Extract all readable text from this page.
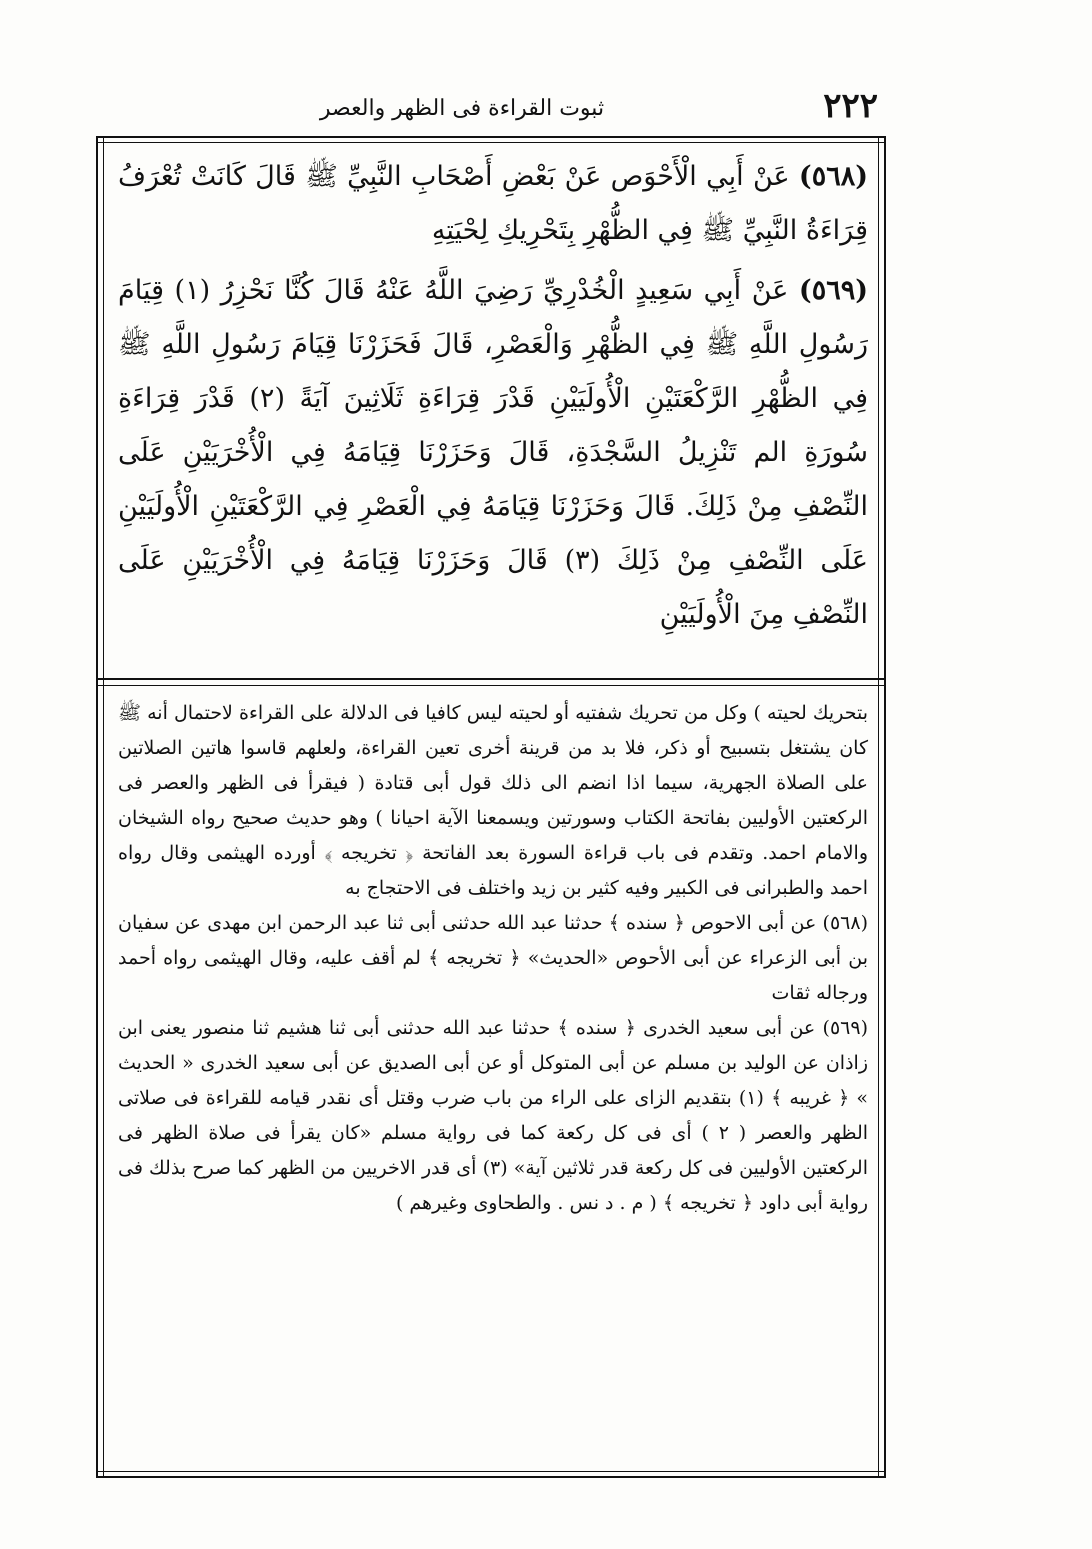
ثبوت القراءة فى الظهر والعصر	٢٢٢

(٥٦٨) عَنْ أَبِي الْأَحْوَص عَنْ بَعْضِ أَصْحَابِ النَّبِيِّ ﷺ قَالَ كَانَتْ تُعْرَفُ قِرَاءَةُ النَّبِيِّ ﷺ فِي الظُّهْرِ بِتَحْرِيكِ لِحْيَتِهِ

(٥٦٩) عَنْ أَبِي سَعِيدٍ الْخُدْرِيِّ رَضِيَ اللَّهُ عَنْهُ قَالَ كُنَّا نَحْزِرُ (١) قِيَامَ رَسُولِ اللَّهِ ﷺ فِي الظُّهْرِ وَالْعَصْرِ، قَالَ فَحَزَرْنَا قِيَامَ رَسُولِ اللَّهِ ﷺ فِي الظُّهْرِ الرَّكْعَتَيْنِ الْأُولَيَيْنِ قَدْرَ قِرَاءَةِ ثَلَاثِينَ آيَةً (٢) قَدْرَ قِرَاءَةِ سُورَةِ الم تَنْزِيلُ السَّجْدَةِ، قَالَ وَحَزَرْنَا قِيَامَهُ فِي الْأُخْرَيَيْنِ عَلَى النِّصْفِ مِنْ ذَلِكَ. قَالَ وَحَزَرْنَا قِيَامَهُ فِي الْعَصْرِ فِي الرَّكْعَتَيْنِ الْأُولَيَيْنِ عَلَى النِّصْفِ مِنْ ذَلِكَ (٣) قَالَ وَحَزَرْنَا قِيَامَهُ فِي الْأُخْرَيَيْنِ عَلَى النِّصْفِ مِنَ الْأُولَيَيْنِ

بتحريك لحيته ) وكل من تحريك شفتيه أو لحيته ليس كافيا فى الدلالة على القراءة لاحتمال أنه ﷺ كان يشتغل بتسبيح أو ذكر، فلا بد من قرينة أخرى تعين القراءة، ولعلهم قاسوا هاتين الصلاتين على الصلاة الجهرية، سيما اذا انضم الى ذلك قول أبى قتادة ( فيقرأ فى الظهر والعصر فى الركعتين الأوليين بفاتحة الكتاب وسورتين ويسمعنا الآية احيانا ) وهو حديث صحيح رواه الشيخان والامام احمد. وتقدم فى باب قراءة السورة بعد الفاتحة ﴿ تخريجه ﴾ أورده الهيثمى وقال رواه احمد والطبرانى فى الكبير وفيه كثير بن زيد واختلف فى الاحتجاج به

(٥٦٨) عن أبى الاحوص ﴿ سنده ﴾ حدثنا عبد الله حدثنى أبى ثنا عبد الرحمن ابن مهدى عن سفيان بن أبى الزعراء عن أبى الأحوص «الحديث» ﴿ تخريجه ﴾ لم أقف عليه، وقال الهيثمى رواه أحمد ورجاله ثقات

(٥٦٩) عن أبى سعيد الخدرى ﴿ سنده ﴾ حدثنا عبد الله حدثنى أبى ثنا هشيم ثنا منصور يعنى ابن زاذان عن الوليد بن مسلم عن أبى المتوكل أو عن أبى الصديق عن أبى سعيد الخدرى « الحديث » ﴿ غريبه ﴾ (١) بتقديم الزاى على الراء من باب ضرب وقتل أى نقدر قيامه للقراءة فى صلاتى الظهر والعصر ( ٢ ) أى فى كل ركعة كما فى رواية مسلم «كان يقرأ فى صلاة الظهر فى الركعتين الأوليين فى كل ركعة قدر ثلاثين آية» (٣) أى قدر الاخريين من الظهر كما صرح بذلك فى رواية أبى داود ﴿ تخريجه ﴾ ( م . د نس . والطحاوى وغيرهم )
